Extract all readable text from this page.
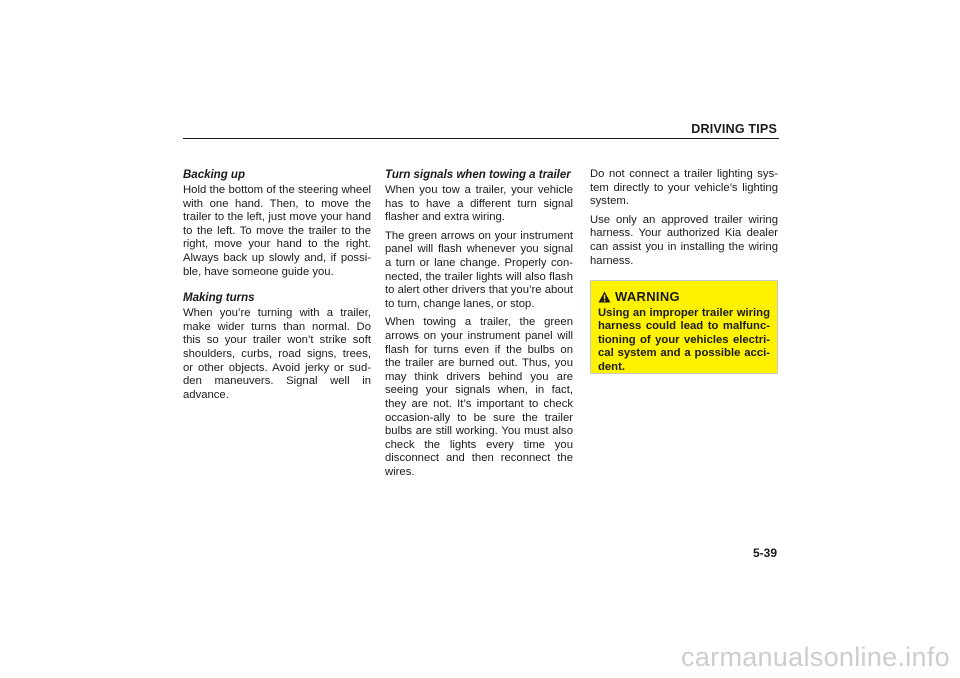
DRIVING TIPS
Backing up

Hold the bottom of the steering wheel with one hand. Then, to move the trailer to the left, just move your hand to the left. To move the trailer to the right, move your hand to the right. Always back up slowly and, if possi-ble, have someone guide you.

Making turns

When you’re turning with a trailer, make wider turns than normal. Do this so your trailer won’t strike soft shoulders, curbs, road signs, trees, or other objects. Avoid jerky or sud-den maneuvers. Signal well in advance.

Turn signals when towing a trailer

When you tow a trailer, your vehicle has to have a different turn signal flasher and extra wiring.

The green arrows on your instrument panel will flash whenever you signal a turn or lane change. Properly con-nected, the trailer lights will also flash to alert other drivers that you’re about to turn, change lanes, or stop.

When towing a trailer, the green arrows on your instrument panel will flash for turns even if the bulbs on the trailer are burned out. Thus, you may think drivers behind you are seeing your signals when, in fact, they are not. It’s important to check occasion-ally to be sure the trailer bulbs are still working. You must also check the lights every time you disconnect and then reconnect the wires.

Do not connect a trailer lighting sys-tem directly to your vehicle’s lighting system.

Use only an approved trailer wiring harness. Your authorized Kia dealer can assist you in installing the wiring harness.

WARNING

Using an improper trailer wiring harness could lead to malfunc-tioning of your vehicles electri-cal system and a possible acci-dent.

5-39

carmanualsonline.info
